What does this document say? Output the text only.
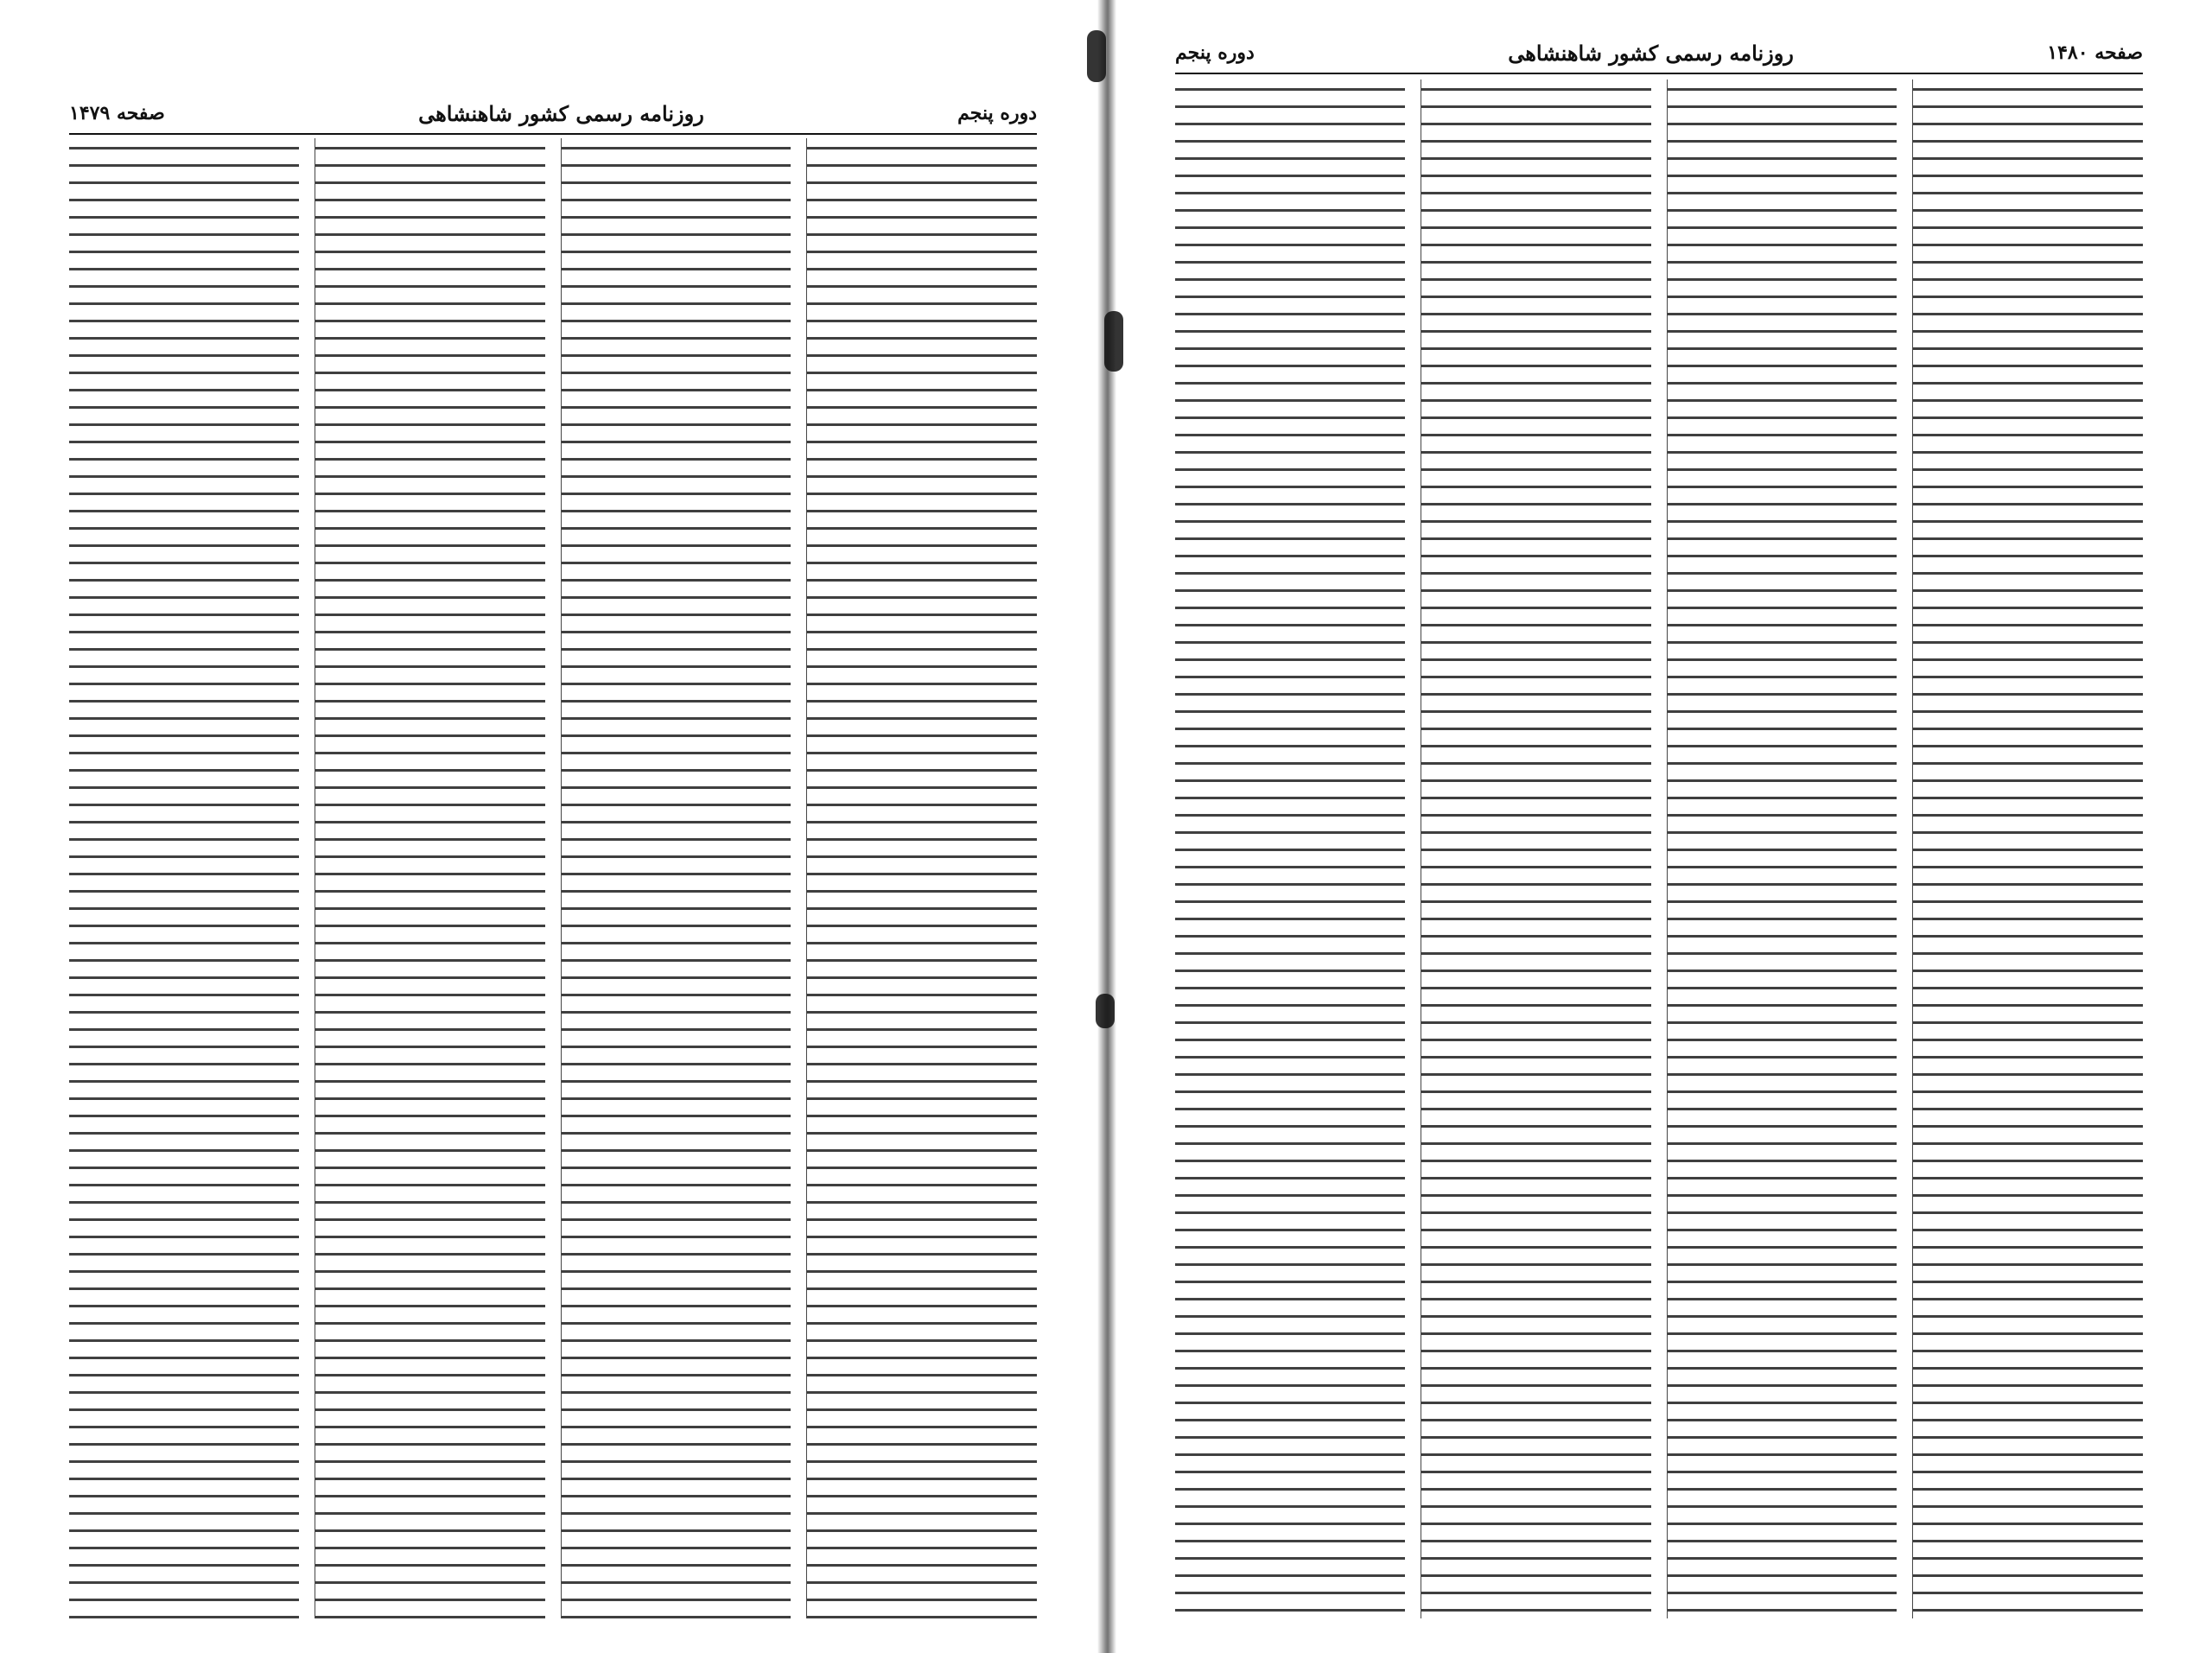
دوره پنجم
روزنامه رسمی کشور شاهنشاهی
صفحه ۱۴۷۹
صفحه ۱۴۸۰
روزنامه رسمی کشور شاهنشاهی
دوره پنجم
